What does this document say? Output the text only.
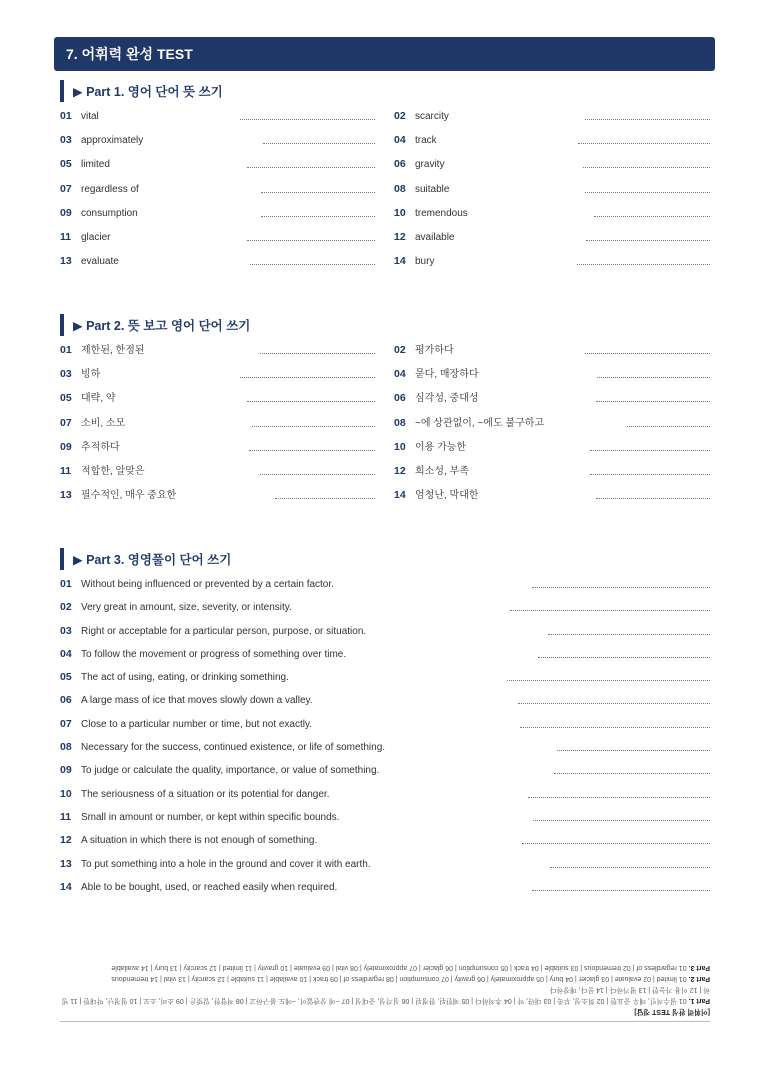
7. 어휘력 완성 TEST
▶ Part 1. 영어 단어 뜻 쓰기
01 vital	02 scarcity
03 approximately	04 track
05 limited	06 gravity
07 regardless of	08 suitable
09 consumption	10 tremendous
11 glacier	12 available
13 evaluate	14 bury
▶ Part 2. 뜻 보고 영어 단어 쓰기
01 제한된, 한정된	02 평가하다
03 빙하	04 묻다, 매장하다
05 대략, 약	06 심각성, 중대성
07 소비, 소모	08 ~에 상관없이, ~에도 불구하고
09 추적하다	10 이용 가능한
11 적합한, 알맞은	12 희소성, 부족
13 필수적인, 매우 중요한	14 엄청난, 막대한
▶ Part 3. 영영풀이 단어 쓰기
01 Without being influenced or prevented by a certain factor.
02 Very great in amount, size, severity, or intensity.
03 Right or acceptable for a particular person, purpose, or situation.
04 To follow the movement or progress of something over time.
05 The act of using, eating, or drinking something.
06 A large mass of ice that moves slowly down a valley.
07 Close to a particular number or time, but not exactly.
08 Necessary for the success, continued existence, or life of something.
09 To judge or calculate the quality, importance, or value of something.
10 The seriousness of a situation or its potential for danger.
11 Small in amount or number, or kept within specific bounds.
12 A situation in which there is not enough of something.
13 To put something into a hole in the ground and cover it with earth.
14 Able to be bought, used, or reached easily when required.
[어휘력 완성 TEST 정답]
Part 1. 01 필수적인, 매우 중요한 | 02 희소성, 부족 | 03 대략, 약 | 04 추적하다 | 05 제한된, 한정된 | 06 심각성, 중대성 | 07 ~에 상관없이, ~에도 불구하고 | 08 적합한, 알맞은 | 09 소비, 소모 | 10 엄청난, 막대한 | 11 빙하 | 12 이용 가능한 | 13 평가하다 | 14 묻다, 매장하다
Part 2. 01 limited | 02 evaluate | 03 glacier | 04 bury | 05 approximately | 06 gravity | 07 consumption | 08 regardless of | 09 track | 10 available | 11 suitable | 12 scarcity | 13 vital | 14 tremendous
Part 3. 01 regardless of | 02 tremendous | 03 suitable | 04 track | 05 consumption | 06 glacier | 07 approximately | 08 vital | 09 evaluate | 10 gravity | 11 limited | 12 scarcity | 13 bury | 14 available
